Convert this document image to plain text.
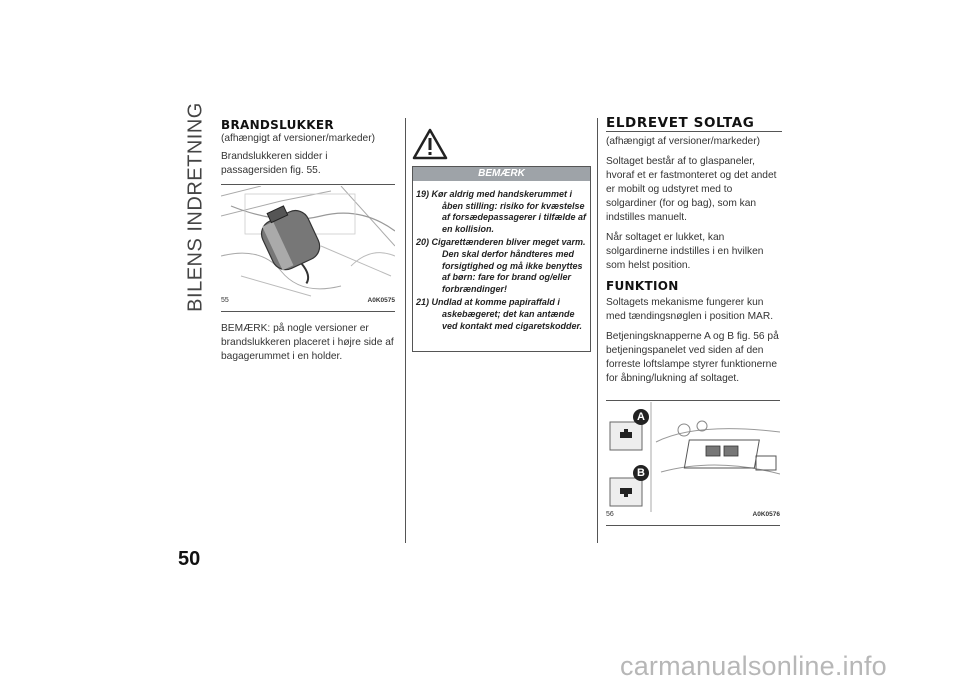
BILENS INDRETNING BRANDSLUKKER

(afhængigt af versioner/markeder)

Brandslukkeren sidder i passagersiden fig. 55.

55	A0K0575

BEMÆRK: på nogle versioner er brandslukkeren placeret i højre side af bagagerummet i en holder.

BEMÆRK
19) Kør aldrig med handskerummet i åben stilling: risiko for kvæstelse af forsædepassagerer i tilfælde af en kollision.
20) Cigarettænderen bliver meget varm. Den skal derfor håndteres med forsigtighed og må ikke benyttes af børn: fare for brand og/eller forbrændinger!
21) Undlad at komme papiraffald i askebægeret; det kan antænde ved kontakt med cigaretskodder.
ELDREVET SOLTAG

(afhængigt af versioner/markeder)

Soltaget består af to glaspaneler, hvoraf et er fastmonteret og det andet er mobilt og udstyret med to solgardiner (for og bag), som kan indstilles manuelt.

Når soltaget er lukket, kan solgardinerne indstilles i en hvilken som helst position.

FUNKTION

Soltagets mekanisme fungerer kun med tændingsnøglen i position MAR.

Betjeningsknapperne A og B fig. 56 på betjeningspanelet ved siden af den forreste loftslampe styrer funktionerne for åbning/lukning af soltaget.

A
B
56	A0K0576
50
carmanualsonline.info
